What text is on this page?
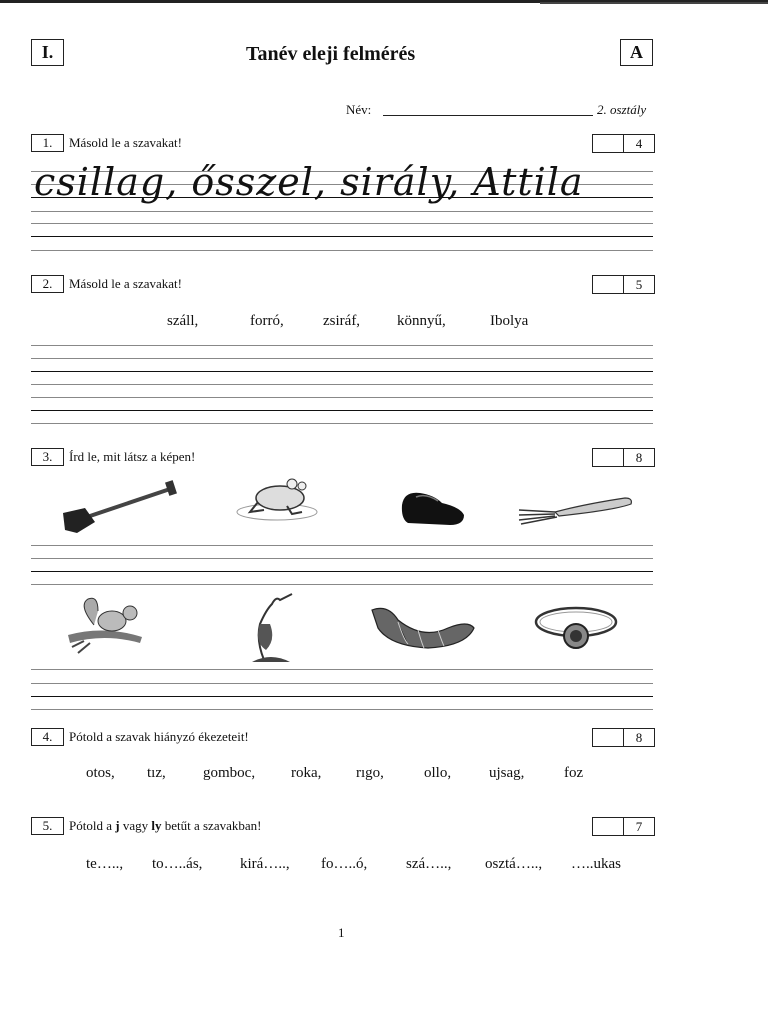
I.	Tanév eleji felmérés	A
Név:	2. osztály
1.	Másold le a szavakat!	4
csillag, ősszel, sirály, Attila
2.	Másold le a szavakat!	5
száll,	forró,	zsiráf, könnyű,	Ibolya
3.	Írd le, mit látsz a képen!	8
4.	Pótold a szavak hiányzó ékezeteit!	8
otos, tız, gomboc, roka, rıgo,	ollo,	ujsag,	foz
5.	Pótold a j vagy ly betűt a szavakban!	7
te….., to…..ás,	kirá….., fo…..ó,	szá….., osztá….., …..ukas
1
